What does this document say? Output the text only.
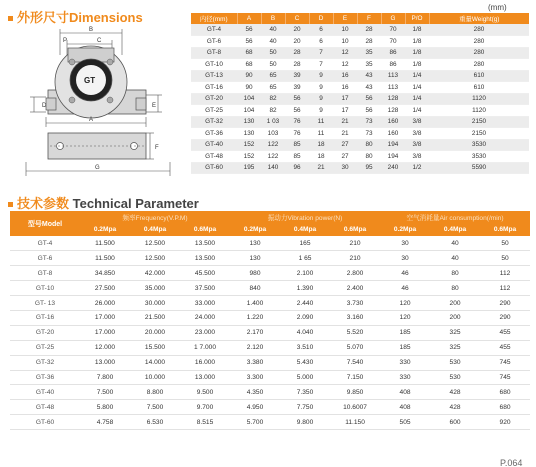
外形尺寸Dimensions
(mm)
B
C
P
GT
D	E
A
F
G
内径(mm)	A	B	C	D	E	F	G	P/O	重量Weight(g)
GT-4	56	40	20	6	10	28	70	1/8	280
GT-6	56	40	20	6	10	28	70	1/8	280
GT-8	68	50	28	7	12	35	86	1/8	280
GT-10	68	50	28	7	12	35	86	1/8	280
GT-13	90	65	39	9	16	43	113	1/4	610
GT-16	90	65	39	9	16	43	113	1/4	610
GT-20	104	82	56	9	17	56	128	1/4	1120
GT-25	104	82	56	9	17	56	128	1/4	1120
GT-32	130	1 03	76	11	21	73	160	3/8	2150
GT-36	130	103	76	11	21	73	160	3/8	2150
GT-40	152	122	85	18	27	80	194	3/8	3530
GT-48	152	122	85	18	27	80	194	3/8	3530
GT-60	195	140	96	21	30	95	240	1/2	5590
技术参数 Technical Parameter
型号Model	频率Frequency(V.P.M)			振动力Vibration power(N)			空气消耗量Air consumption(/min)		
	0.2Mpa	0.4Mpa	0.6Mpa	0.2Mpa	0.4Mpa	0.6Mpa	0.2Mpa	0.4Mpa	0.6Mpa
GT-4	11.500	12.500	13.500	130	165	210	30	40	50
GT-6	11.500	12.500	13.500	130	1 65	210	30	40	50
GT-8	34.850	42.000	45.500	980	2.100	2.800	46	80	112
GT-10	27.500	35.000	37.500	840	1.390	2.400	46	80	112
GT- 13	26.000	30.000	33.000	1.400	2.440	3.730	120	200	290
GT-16	17.000	21.500	24.000	1.220	2.090	3.160	120	200	290
GT-20	17.000	20.000	23.000	2.170	4.040	5.520	185	325	455
GT-25	12.000	15.500	1 7.000	2.120	3.510	5.070	185	325	455
GT-32	13.000	14.000	16.000	3.380	5.430	7.540	330	530	745
GT-36	7.800	10.000	13.000	3.300	5.000	7.150	330	530	745
GT-40	7.500	8.800	9.500	4.350	7.350	9.850	408	428	680
GT-48	5.800	7.500	9.700	4.950	7.750	10.6007	408	428	680
GT-60	4.758	6.530	8.515	5.700	9.800	11.150	505	600	920
P.064
